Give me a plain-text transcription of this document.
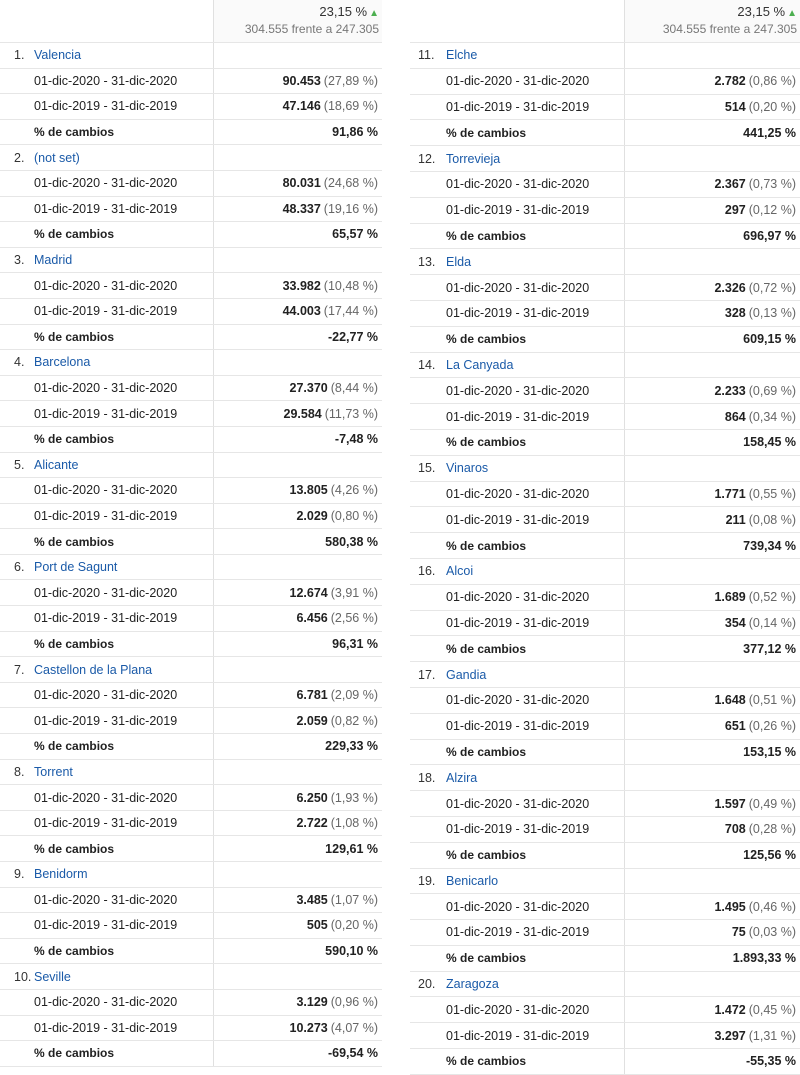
23,15 % ▲
304.555 frente a 247.305
1. Valencia
01-dic-2020 - 31-dic-2020	90.453 (27,89 %)
01-dic-2019 - 31-dic-2019	47.146 (18,69 %)
% de cambios	91,86 %
2. (not set)
01-dic-2020 - 31-dic-2020	80.031 (24,68 %)
01-dic-2019 - 31-dic-2019	48.337 (19,16 %)
% de cambios	65,57 %
3. Madrid
01-dic-2020 - 31-dic-2020	33.982 (10,48 %)
01-dic-2019 - 31-dic-2019	44.003 (17,44 %)
% de cambios	-22,77 %
4. Barcelona
01-dic-2020 - 31-dic-2020	27.370 (8,44 %)
01-dic-2019 - 31-dic-2019	29.584 (11,73 %)
% de cambios	-7,48 %
5. Alicante
01-dic-2020 - 31-dic-2020	13.805 (4,26 %)
01-dic-2019 - 31-dic-2019	2.029 (0,80 %)
% de cambios	580,38 %
6. Port de Sagunt
01-dic-2020 - 31-dic-2020	12.674 (3,91 %)
01-dic-2019 - 31-dic-2019	6.456 (2,56 %)
% de cambios	96,31 %
7. Castellon de la Plana
01-dic-2020 - 31-dic-2020	6.781 (2,09 %)
01-dic-2019 - 31-dic-2019	2.059 (0,82 %)
% de cambios	229,33 %
8. Torrent
01-dic-2020 - 31-dic-2020	6.250 (1,93 %)
01-dic-2019 - 31-dic-2019	2.722 (1,08 %)
% de cambios	129,61 %
9. Benidorm
01-dic-2020 - 31-dic-2020	3.485 (1,07 %)
01-dic-2019 - 31-dic-2019	505 (0,20 %)
% de cambios	590,10 %
10. Seville
01-dic-2020 - 31-dic-2020	3.129 (0,96 %)
01-dic-2019 - 31-dic-2019	10.273 (4,07 %)
% de cambios	-69,54 %
23,15 % ▲
304.555 frente a 247.305
11. Elche
01-dic-2020 - 31-dic-2020	2.782 (0,86 %)
01-dic-2019 - 31-dic-2019	514 (0,20 %)
% de cambios	441,25 %
12. Torrevieja
01-dic-2020 - 31-dic-2020	2.367 (0,73 %)
01-dic-2019 - 31-dic-2019	297 (0,12 %)
% de cambios	696,97 %
13. Elda
01-dic-2020 - 31-dic-2020	2.326 (0,72 %)
01-dic-2019 - 31-dic-2019	328 (0,13 %)
% de cambios	609,15 %
14. La Canyada
01-dic-2020 - 31-dic-2020	2.233 (0,69 %)
01-dic-2019 - 31-dic-2019	864 (0,34 %)
% de cambios	158,45 %
15. Vinaros
01-dic-2020 - 31-dic-2020	1.771 (0,55 %)
01-dic-2019 - 31-dic-2019	211 (0,08 %)
% de cambios	739,34 %
16. Alcoi
01-dic-2020 - 31-dic-2020	1.689 (0,52 %)
01-dic-2019 - 31-dic-2019	354 (0,14 %)
% de cambios	377,12 %
17. Gandia
01-dic-2020 - 31-dic-2020	1.648 (0,51 %)
01-dic-2019 - 31-dic-2019	651 (0,26 %)
% de cambios	153,15 %
18. Alzira
01-dic-2020 - 31-dic-2020	1.597 (0,49 %)
01-dic-2019 - 31-dic-2019	708 (0,28 %)
% de cambios	125,56 %
19. Benicarlo
01-dic-2020 - 31-dic-2020	1.495 (0,46 %)
01-dic-2019 - 31-dic-2019	75 (0,03 %)
% de cambios	1.893,33 %
20. Zaragoza
01-dic-2020 - 31-dic-2020	1.472 (0,45 %)
01-dic-2019 - 31-dic-2019	3.297 (1,31 %)
% de cambios	-55,35 %
